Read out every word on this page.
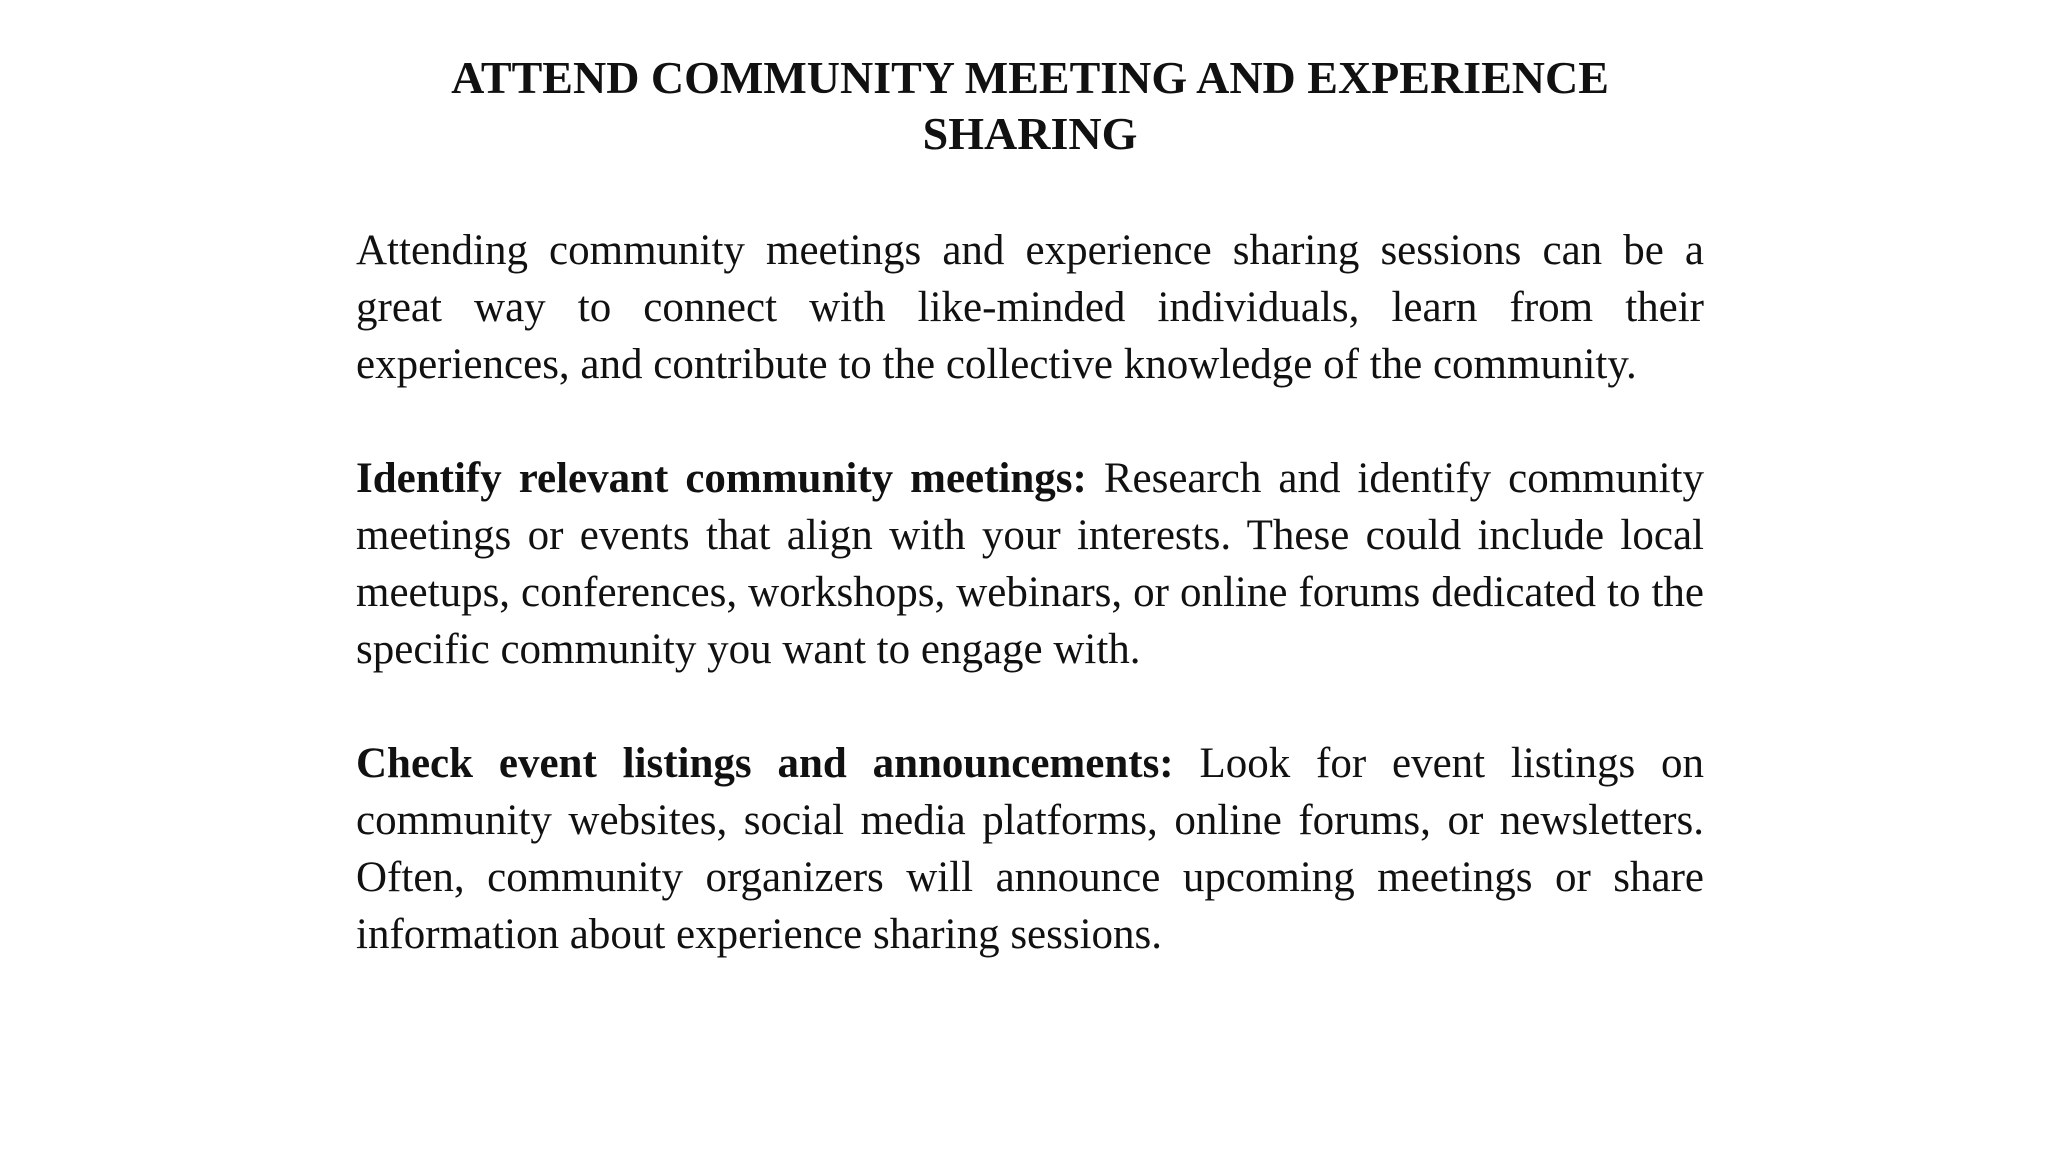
ATTEND COMMUNITY MEETING AND EXPERIENCE SHARING

Attending community meetings and experience sharing sessions can be a great way to connect with like-minded individuals, learn from their experiences, and contribute to the collective knowledge of the community.

Identify relevant community meetings: Research and identify community meetings or events that align with your interests. These could include local meetups, conferences, workshops, webinars, or online forums dedicated to the specific community you want to engage with.

Check event listings and announcements: Look for event listings on community websites, social media platforms, online forums, or newsletters. Often, community organizers will announce upcoming meetings or share information about experience sharing sessions.
